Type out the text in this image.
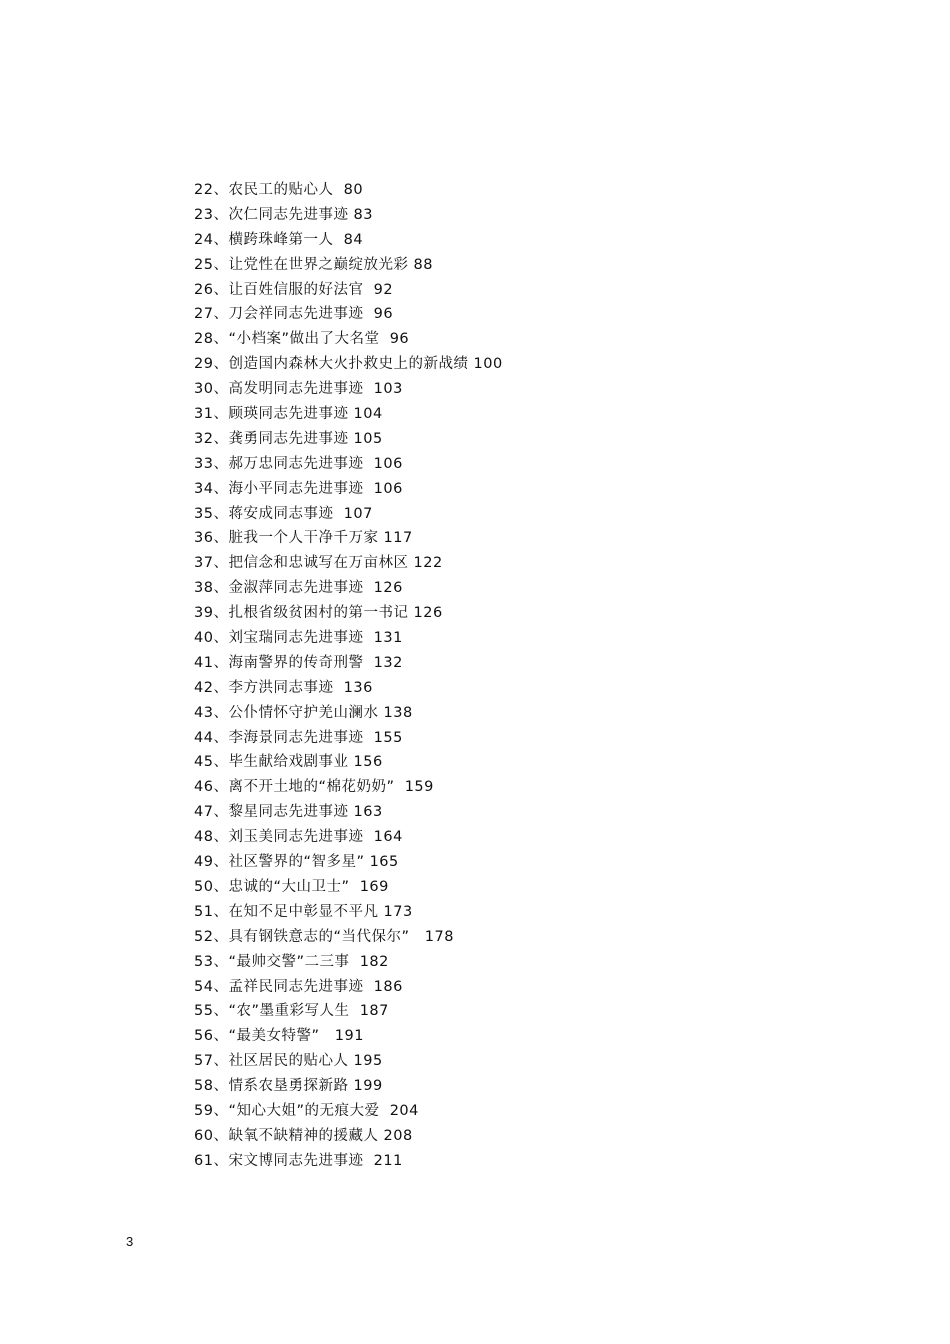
22、农民工的贴心人  80
23、次仁同志先进事迹 83
24、横跨珠峰第一人  84
25、让党性在世界之巅绽放光彩 88
26、让百姓信服的好法官  92
27、刀会祥同志先进事迹  96
28、“小档案”做出了大名堂  96
29、创造国内森林大火扑救史上的新战绩 100
30、高发明同志先进事迹  103
31、顾瑛同志先进事迹 104
32、龚勇同志先进事迹 105
33、郝万忠同志先进事迹  106
34、海小平同志先进事迹  106
35、蒋安成同志事迹  107
36、脏我一个人干净千万家 117
37、把信念和忠诚写在万亩林区 122
38、金淑萍同志先进事迹  126
39、扎根省级贫困村的第一书记 126
40、刘宝瑞同志先进事迹  131
41、海南警界的传奇刑警  132
42、李方洪同志事迹  136
43、公仆情怀守护羌山澜水 138
44、李海景同志先进事迹  155
45、毕生献给戏剧事业 156
46、离不开土地的“棉花奶奶”  159
47、黎星同志先进事迹 163
48、刘玉美同志先进事迹  164
49、社区警界的“智多星” 165
50、忠诚的“大山卫士”  169
51、在知不足中彰显不平凡 173
52、具有钢铁意志的“当代保尔”   178
53、“最帅交警”二三事  182
54、孟祥民同志先进事迹  186
55、“农”墨重彩写人生  187
56、“最美女特警”   191
57、社区居民的贴心人 195
58、情系农垦勇探新路 199
59、“知心大姐”的无痕大爱  204
60、缺氧不缺精神的援藏人 208
61、宋文博同志先进事迹  211
3
